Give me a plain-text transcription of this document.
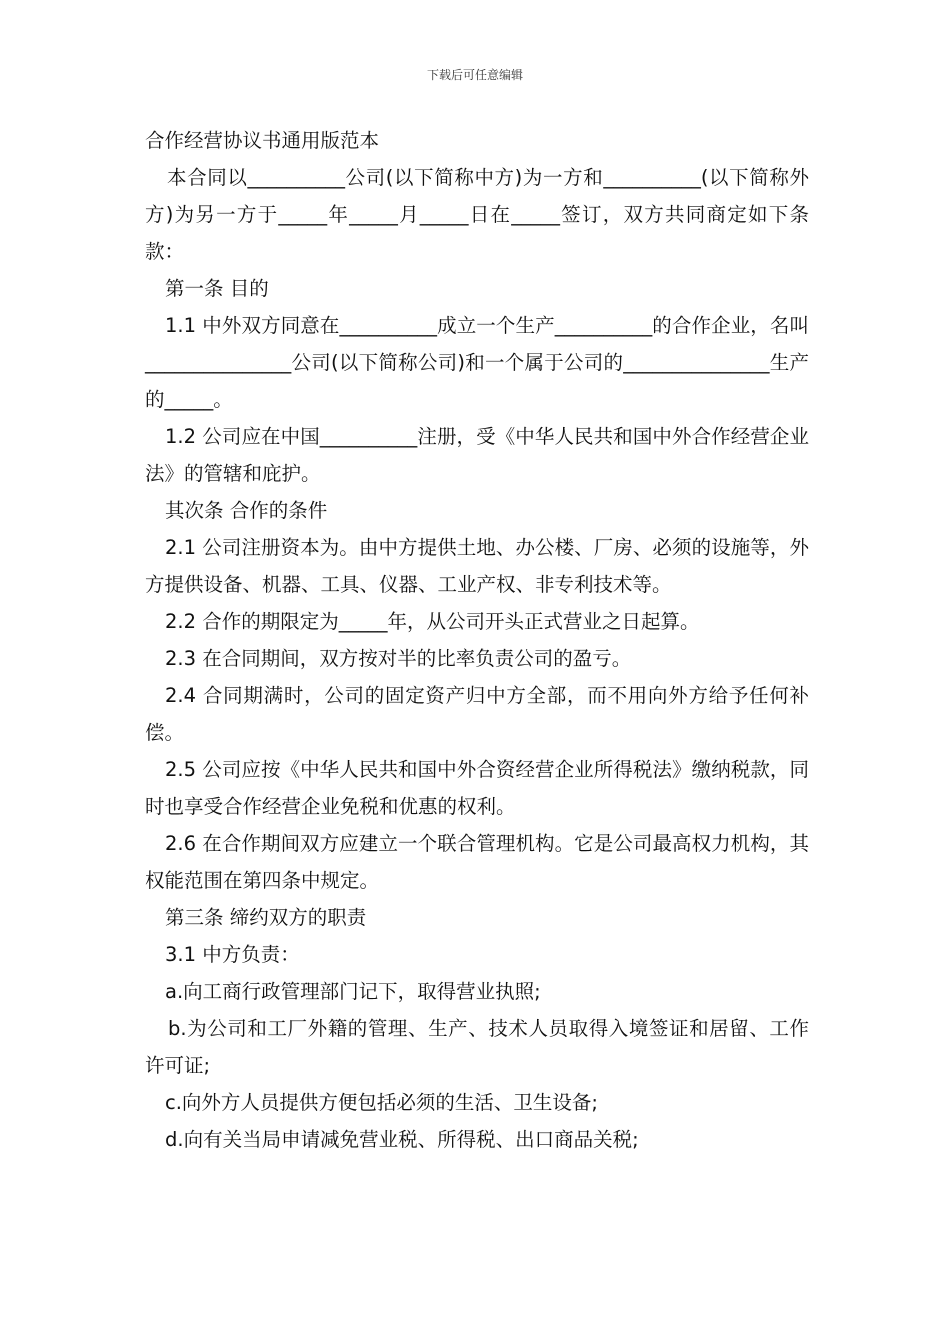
下载后可任意编辑

合作经营协议书通用版范本

本合同以__________公司(以下简称中方)为一方和__________(以下简称外方)为另一方于_____年_____月_____日在_____签订，双方共同商定如下条款：

第一条 目的

1.1 中外双方同意在__________成立一个生产__________的合作企业，名叫_______________公司(以下简称公司)和一个属于公司的_______________生产的_____。

1.2 公司应在中国__________注册，受《中华人民共和国中外合作经营企业法》的管辖和庇护。

其次条 合作的条件

2.1 公司注册资本为。由中方提供土地、办公楼、厂房、必须的设施等，外方提供设备、机器、工具、仪器、工业产权、非专利技术等。

2.2 合作的期限定为_____年，从公司开头正式营业之日起算。

2.3 在合同期间，双方按对半的比率负责公司的盈亏。

2.4 合同期满时，公司的固定资产归中方全部，而不用向外方给予任何补偿。

2.5 公司应按《中华人民共和国中外合资经营企业所得税法》缴纳税款，同时也享受合作经营企业免税和优惠的权利。

2.6 在合作期间双方应建立一个联合管理机构。它是公司最高权力机构，其权能范围在第四条中规定。

第三条 缔约双方的职责

3.1 中方负责：

a.向工商行政管理部门记下，取得营业执照;

b.为公司和工厂外籍的管理、生产、技术人员取得入境签证和居留、工作许可证;

c.向外方人员提供方便包括必须的生活、卫生设备;

d.向有关当局申请减免营业税、所得税、出口商品关税;
